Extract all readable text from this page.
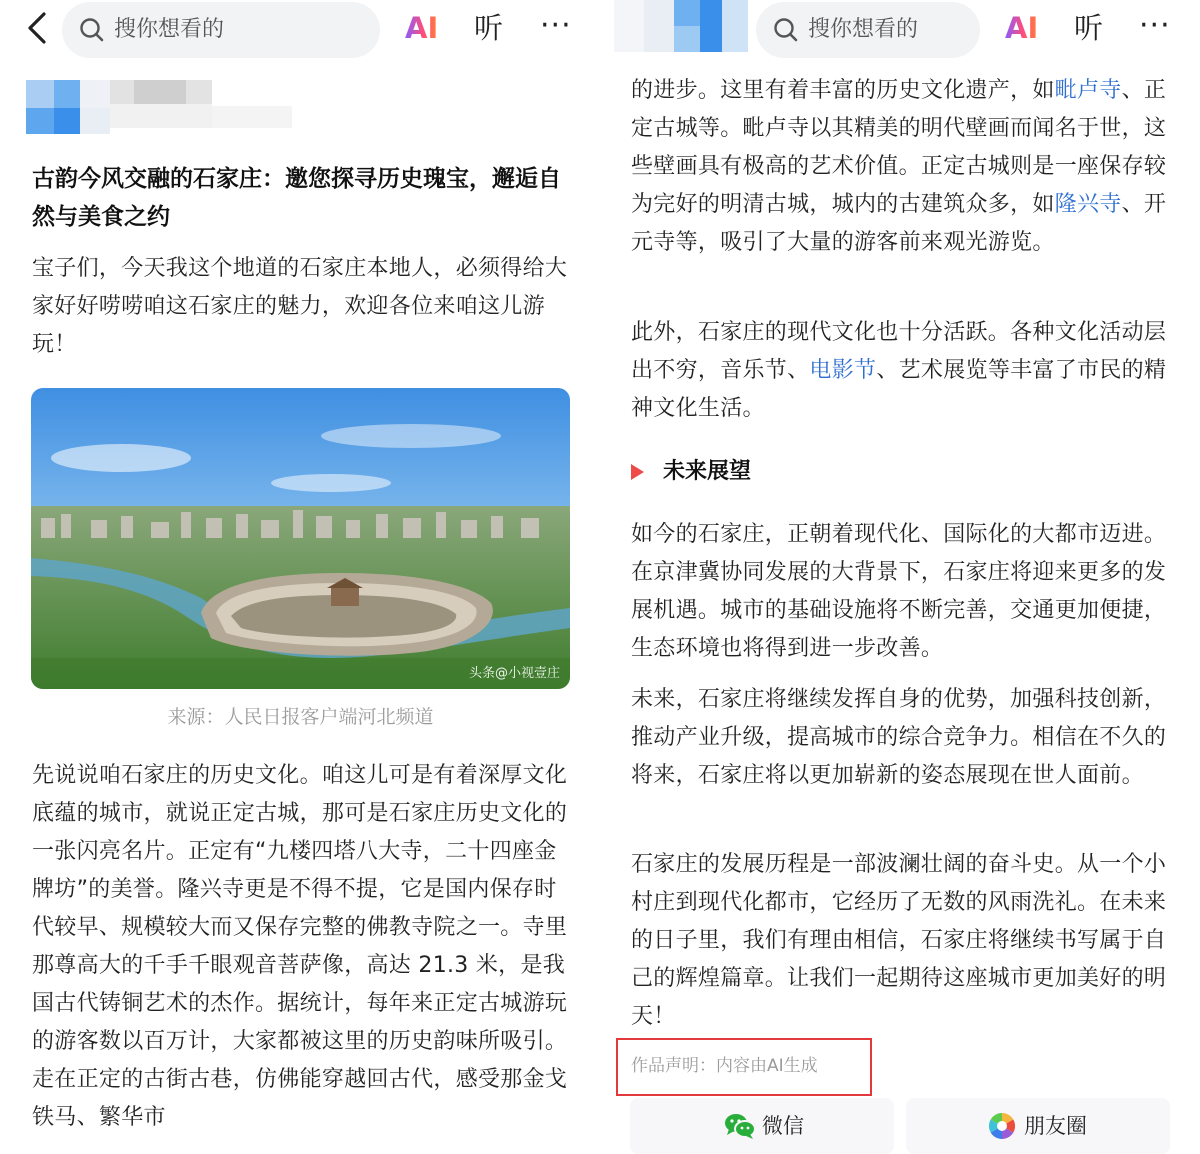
搜你想看的	AI 听 ···
古韵今风交融的石家庄：邀您探寻历史瑰宝，邂逅自然与美食之约
宝子们，今天我这个地道的石家庄本地人，必须得给大家好好唠唠咱这石家庄的魅力，欢迎各位来咱这儿游玩！
头条@小视壹庄
来源：人民日报客户端河北频道
先说说咱石家庄的历史文化。咱这儿可是有着深厚文化底蕴的城市，就说正定古城，那可是石家庄历史文化的一张闪亮名片。正定有“九楼四塔八大寺，二十四座金牌坊”的美誉。隆兴寺更是不得不提，它是国内保存时代较早、规模较大而又保存完整的佛教寺院之一。寺里那尊高大的千手千眼观音菩萨像，高达 21.3 米，是我国古代铸铜艺术的杰作。据统计，每年来正定古城游玩的游客数以百万计，大家都被这里的历史韵味所吸引。走在正定的古街古巷，仿佛能穿越回古代，感受那金戈铁马、繁华市
搜你想看的	AI 听 ···
的进步。这里有着丰富的历史文化遗产，如毗卢寺、正定古城等。毗卢寺以其精美的明代壁画而闻名于世，这些壁画具有极高的艺术价值。正定古城则是一座保存较为完好的明清古城，城内的古建筑众多，如隆兴寺、开元寺等，吸引了大量的游客前来观光游览。
此外，石家庄的现代文化也十分活跃。各种文化活动层出不穷，音乐节、电影节、艺术展览等丰富了市民的精神文化生活。
未来展望
如今的石家庄，正朝着现代化、国际化的大都市迈进。在京津冀协同发展的大背景下，石家庄将迎来更多的发展机遇。城市的基础设施将不断完善，交通更加便捷，生态环境也将得到进一步改善。
未来，石家庄将继续发挥自身的优势，加强科技创新，推动产业升级，提高城市的综合竞争力。相信在不久的将来，石家庄将以更加崭新的姿态展现在世人面前。
石家庄的发展历程是一部波澜壮阔的奋斗史。从一个小村庄到现代化都市，它经历了无数的风雨洗礼。在未来的日子里，我们有理由相信，石家庄将继续书写属于自己的辉煌篇章。让我们一起期待这座城市更加美好的明天！
作品声明：内容由AI生成
微信	朋友圈
